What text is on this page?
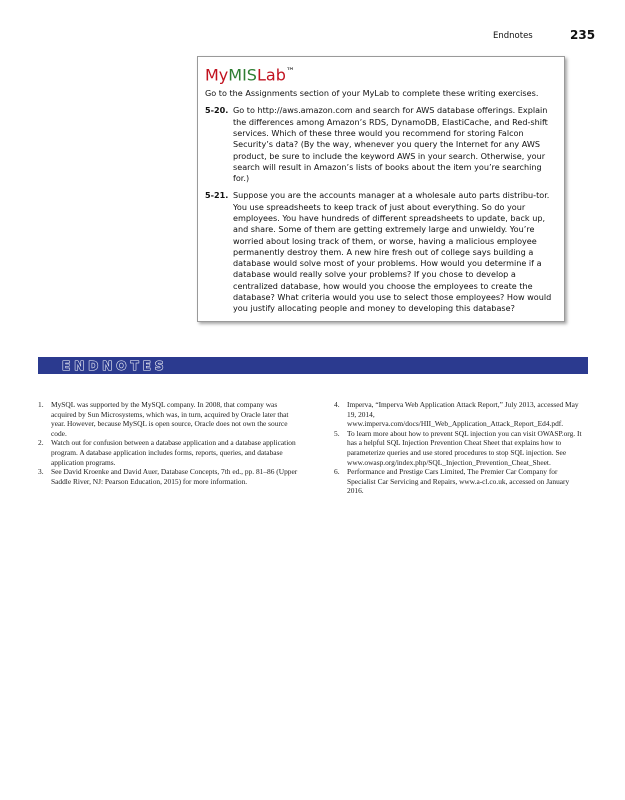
Endnotes	235
MyMISLab™
Go to the Assignments section of your MyLab to complete these writing exercises.
5-20. Go to http://aws.amazon.com and search for AWS database offerings. Explain the differences among Amazon’s RDS, DynamoDB, ElastiCache, and Red-shift services. Which of these three would you recommend for storing Falcon Security’s data? (By the way, whenever you query the Internet for any AWS product, be sure to include the keyword AWS in your search. Otherwise, your search will result in Amazon’s lists of books about the item you’re searching for.)
5-21. Suppose you are the accounts manager at a wholesale auto parts distribu-tor. You use spreadsheets to keep track of just about everything. So do your employees. You have hundreds of different spreadsheets to update, back up, and share. Some of them are getting extremely large and unwieldy. You’re worried about losing track of them, or worse, having a malicious employee permanently destroy them. A new hire fresh out of college says building a database would solve most of your problems. How would you determine if a database would really solve your problems? If you chose to develop a centralized database, how would you choose the employees to create the database? What criteria would you use to select those employees? How would you justify allocating people and money to developing this database?
ENDNOTES
1.	MySQL was supported by the MySQL company. In 2008, that company was acquired by Sun Microsystems, which was, in turn, acquired by Oracle later that year. However, because MySQL is open source, Oracle does not own the source code.
2.	Watch out for confusion between a database application and a database application program. A database application includes forms, reports, queries, and database application programs.
3.	See David Kroenke and David Auer, Database Concepts, 7th ed., pp. 81–86 (Upper Saddle River, NJ: Pearson Education, 2015) for more information.
4.	Imperva, “Imperva Web Application Attack Report,” July 2013, accessed May 19, 2014, www.imperva.com/docs/HII_Web_Application_Attack_Report_Ed4.pdf.
5.	To learn more about how to prevent SQL injection you can visit OWASP.org. It has a helpful SQL Injection Prevention Cheat Sheet that explains how to parameterize queries and use stored procedures to stop SQL injection. See www.owasp.org/index.php/SQL_Injection_Prevention_Cheat_Sheet.
6.	Performance and Prestige Cars Limited, The Premier Car Company for Specialist Car Servicing and Repairs, www.a-cl.co.uk, accessed on January 2016.
